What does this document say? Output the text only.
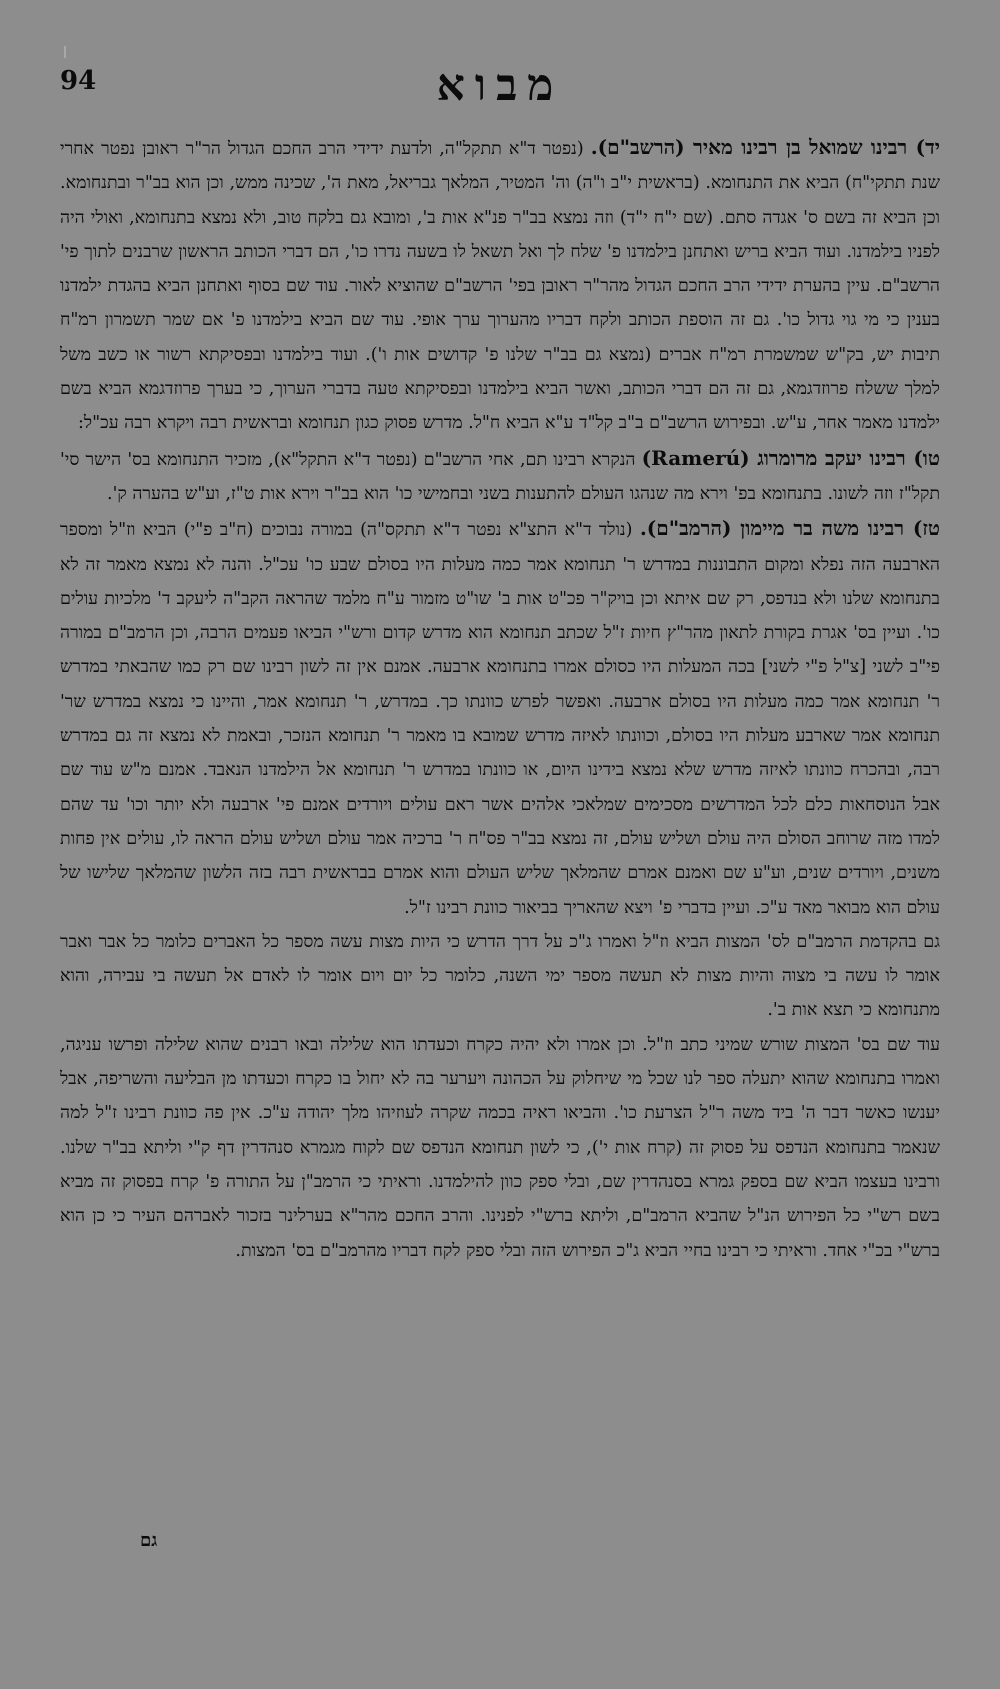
מבוא
94

יד) רבינו שמואל בן רבינו מאיר (הרשב"ם). (נפטר ד"א תתקל"ה, ולדעת ידידי הרב החכם הגדול הר"ר ראובן נפטר אחרי שנת תתקי"ח) הביא את התנחומא. (בראשית י"ב ו"ה) וה' המטיר, המלאך גבריאל, מאת ה', שכינה ממש, וכן הוא בב"ר ובתנחומא. וכן הביא זה בשם ס' אגדה סתם. (שם י"ח י"ד) וזה נמצא בב"ר פנ"א אות ב', ומובא גם בלקח טוב, ולא נמצא בתנחומא, ואולי היה לפניו בילמדנו. ועוד הביא בריש ואתחנן בילמדנו פ' שלח לך ואל תשאל לו בשעה נדרו כו', הם דברי הכותב הראשון שרבנים לתוך פי' הרשב"ם. עיין בהערת ידידי הרב החכם הגדול מהר"ר ראובן בפי' הרשב"ם שהוציא לאור. עוד שם בסוף ואתחנן הביא בהגדת ילמדנו בענין כי מי גוי גדול כו'. גם זה הוספת הכותב ולקח דבריו מהערוך ערך אופי. עוד שם הביא בילמדנו פ' אם שמר תשמרון רמ"ח תיבות יש, בק"ש שמשמרת רמ"ח אברים (נמצא גם בב"ר שלנו פ' קדושים אות ו'). ועוד בילמדנו ובפסיקתא רשור או כשב משל למלך ששלח פרוזדגמא, גם זה הם דברי הכותב, ואשר הביא בילמדנו ובפסיקתא טעה בדברי הערוך, כי בערך פרוזדגמא הביא בשם ילמדנו מאמר אחר, ע"ש. ובפירוש הרשב"ם ב"ב קל"ד ע"א הביא ח"ל. מדרש פסוק כגון תנחומא ובראשית רבה ויקרא רבה עכ"ל:

טו) רבינו יעקב מרומרוג (Ramerú) הנקרא רבינו תם, אחי הרשב"ם (נפטר ד"א התקל"א), מזכיר התנחומא בס' הישר סי' תקל"ז וזה לשונו. בתנחומא בפ' וירא מה שנהגו העולם להתענות בשני ובחמישי כו' הוא בב"ר וירא אות ט"ז, וע"ש בהערה ק'.

טז) רבינו משה בר מיימון (הרמב"ם). (נולד ד"א התצ"א נפטר ד"א תתקס"ה) במורה נבוכים (ח"ב פ"י) הביא וז"ל ומספר הארבעה הזה נפלא ומקום התבוננות במדרש ר' תנחומא אמר כמה מעלות היו בסולם שבע כו' עכ"ל. והנה לא נמצא מאמר זה לא בתנחומא שלנו ולא בנדפס, רק שם איתא וכן בויק"ר פכ"ט אות ב' שו"ט מזמור ע"ח מלמד שהראה הקב"ה ליעקב ד' מלכיות עולים כו'. ועיין בס' אגרת בקורת לתאון מהר"ץ חיות ז"ל שכתב תנחומא הוא מדרש קדום ורש"י הביאו פעמים הרבה, וכן הרמב"ם במורה פי"ב לשני [צ"ל פ"י לשני] בכה המעלות היו כסולם אמרו בתנחומא ארבעה. אמנם אין זה לשון רבינו שם רק כמו שהבאתי במדרש ר' תנחומא אמר כמה מעלות היו בסולם ארבעה. ואפשר לפרש כוונתו כך. במדרש, ר' תנחומא אמר, והיינו כי נמצא במדרש שר' תנחומא אמר שארבע מעלות היו בסולם, וכוונתו לאיזה מדרש שמובא בו מאמר ר' תנחומא הנזכר, ובאמת לא נמצא זה גם במדרש רבה, ובהכרח כוונתו לאיזה מדרש שלא נמצא בידינו היום, או כוונתו במדרש ר' תנחומא אל הילמדנו הנאבד. אמנם מ"ש עוד שם אבל הנוסחאות כלם לכל המדרשים מסכימים שמלאכי אלהים אשר ראם עולים ויורדים אמנם פי' ארבעה ולא יותר וכו' עד שהם למדו מזה שרוחב הסולם היה עולם ושליש עולם, זה נמצא בב"ר פס"ח ר' ברכיה אמר עולם ושליש עולם הראה לו, עולים אין פחות משנים, ויורדים שנים, וע"ע שם ואמנם אמרם שהמלאך שליש העולם והוא אמרם בבראשית רבה בזה הלשון שהמלאך שלישו של עולם הוא מבואר מאד ע"כ. ועיין בדברי פ' ויצא שהאריך בביאור כוונת רבינו ז"ל.

גם בהקדמת הרמב"ם לס' המצות הביא וז"ל ואמרו ג"כ על דרך הדרש כי היות מצות עשה מספר כל האברים כלומר כל אבר ואבר אומר לו עשה בי מצוה והיות מצות לא תעשה מספר ימי השנה, כלומר כל יום ויום אומר לו לאדם אל תעשה בי עבירה, והוא מתנחומא כי תצא אות ב'.

עוד שם בס' המצות שורש שמיני כתב וז"ל. וכן אמרו ולא יהיה כקרח וכעדתו הוא שלילה ובאו רבנים שהוא שלילה ופרשו עניגה, ואמרו בתנחומא שהוא יתעלה ספר לנו שכל מי שיחלוק על הכהונה ויערער בה לא יחול בו כקרח וכעדתו מן הבליעה והשריפה, אבל יענשו כאשר דבר ה' ביד משה ר"ל הצרעת כו'. והביאו ראיה בכמה שקרה לעוזיהו מלך יהודה ע"כ. אין פה כוונת רבינו ז"ל למה שנאמר בתנחומא הנדפס על פסוק זה (קרח אות י'), כי לשון תנחומא הנדפס שם לקוח מגמרא סנהדרין דף ק"י וליתא בב"ר שלנו. ורבינו בעצמו הביא שם בספק גמרא בסנהדרין שם, ובלי ספק כוון להילמדנו. וראיתי כי הרמב"ן על התורה פ' קרח בפסוק זה מביא בשם רש"י כל הפירוש הנ"ל שהביא הרמב"ם, וליתא ברש"י לפנינו. והרב החכם מהר"א בערלינר בזכור לאברהם העיר כי כן הוא ברש"י בכ"י אחד. וראיתי כי רבינו בחיי הביא ג"כ הפירוש הזה ובלי ספק לקח דבריו מהרמב"ם בס' המצות.

גם
